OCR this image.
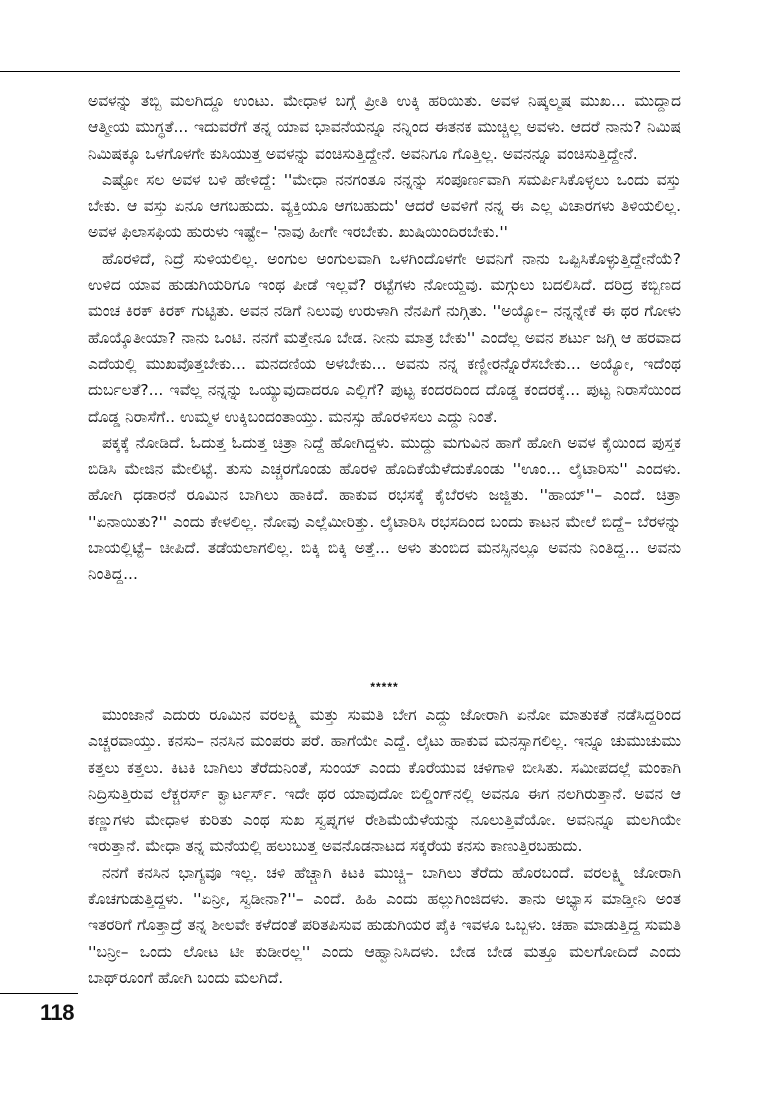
ಅವಳನ್ನು ತಬ್ಬಿ ಮಲಗಿದ್ದೂ ಉಂಟು. ಮೇಧಾಳ ಬಗ್ಗೆ ಪ್ರೀತಿ ಉಕ್ಕಿ ಹರಿಯಿತು. ಅವಳ ನಿಷ್ಕಲ್ಮಷ ಮುಖ... ಮುದ್ದಾದ ಆತ್ಮೀಯ ಮುಗ್ಧತೆ... ಇದುವರೆಗೆ ತನ್ನ ಯಾವ ಭಾವನೆಯನ್ನೂ ನನ್ನಿಂದ ಈತನಕ ಮುಚ್ಚಿಲ್ಲ ಅವಳು. ಆದರೆ ನಾನು? ನಿಮಿಷ ನಿಮಿಷಕ್ಕೂ ಒಳಗೊಳಗೇ ಕುಸಿಯುತ್ತ ಅವಳನ್ನು ವಂಚಿಸುತ್ತಿದ್ದೇನೆ. ಅವನಿಗೂ ಗೊತ್ತಿಲ್ಲ. ಅವನನ್ನೂ ವಂಚಿಸುತ್ತಿದ್ದೇನೆ.

ಎಷ್ಟೋ ಸಲ ಅವಳ ಬಳಿ ಹೇಳಿದ್ದೆ: ''ಮೇಧಾ ನನಗಂತೂ ನನ್ನನ್ನು ಸಂಪೂರ್ಣವಾಗಿ ಸಮರ್ಪಿಸಿಕೊಳ್ಳಲು ಒಂದು ವಸ್ತು ಬೇಕು. ಆ ವಸ್ತು ಏನೂ ಆಗಬಹುದು. ವ್ಯಕ್ತಿಯೂ ಆಗಬಹುದು' ಆದರೆ ಅವಳಿಗೆ ನನ್ನ ಈ ಎಲ್ಲ ವಿಚಾರಗಳು ತಿಳಿಯಲಿಲ್ಲ. ಅವಳ ಫಿಲಾಸಫಿಯ ಹುರುಳು ಇಷ್ಟೇ– 'ನಾವು ಹೀಗೇ ಇರಬೇಕು. ಖುಷಿಯಿಂದಿರಬೇಕು.''

ಹೊರಳಿದೆ, ನಿದ್ರೆ ಸುಳಿಯಲಿಲ್ಲ. ಅಂಗುಲ ಅಂಗುಲವಾಗಿ ಒಳಗಿಂದೊಳಗೇ ಅವನಿಗೆ ನಾನು ಒಪ್ಪಿಸಿಕೊಳ್ಳುತ್ತಿದ್ದೇನೆಯೆ? ಉಳಿದ ಯಾವ ಹುಡುಗಿಯರಿಗೂ ಇಂಥ ಪೀಡೆ ಇಲ್ಲವೆ? ರಟ್ಟೆಗಳು ನೋಯ್ದವು. ಮಗ್ಗುಲು ಬದಲಿಸಿದೆ. ದರಿದ್ರ ಕಬ್ಬಿಣದ ಮಂಚ ಕಿರಕ್ ಕಿರಕ್ ಗುಟ್ಟಿತು. ಅವನ ನಡಿಗೆ ನಿಲುವು ಉರುಳಾಗಿ ನೆನಪಿಗೆ ನುಗ್ಗಿತು. ''ಅಯ್ಯೋ– ನನ್ನನ್ನೇಕೆ ಈ ಥರ ಗೋಳು ಹೊಯ್ಕೊತೀಯಾ? ನಾನು ಒಂಟಿ. ನನಗೆ ಮತ್ತೇನೂ ಬೇಡ. ನೀನು ಮಾತ್ರ ಬೇಕು'' ಎಂದೆಲ್ಲ ಅವನ ಶರ್ಟು ಜಗ್ಗಿ ಆ ಹರವಾದ ಎದೆಯಲ್ಲಿ ಮುಖವೊತ್ತಬೇಕು... ಮನದಣಿಯ ಅಳಬೇಕು... ಅವನು ನನ್ನ ಕಣ್ಣೀರನ್ನೊರೆಸಬೇಕು... ಅಯ್ಯೋ, ಇದೆಂಥ ದುರ್ಬಲತೆ?... ಇವೆಲ್ಲ ನನ್ನನ್ನು ಒಯ್ಯುವುದಾದರೂ ಎಲ್ಲಿಗೆ? ಪುಟ್ಟ ಕಂದರದಿಂದ ದೊಡ್ಡ ಕಂದರಕ್ಕೆ... ಪುಟ್ಟ ನಿರಾಸೆಯಿಂದ ದೊಡ್ಡ ನಿರಾಸೆಗೆ.. ಉಮ್ಮಳ ಉಕ್ಕಿಬಂದಂತಾಯ್ತು. ಮನಸ್ಸು ಹೊರಳಿಸಲು ಎದ್ದು ನಿಂತೆ.

ಪಕ್ಕಕ್ಕೆ ನೋಡಿದೆ. ಓದುತ್ತ ಓದುತ್ತ ಚಿತ್ರಾ ನಿದ್ದೆ ಹೋಗಿದ್ದಳು. ಮುದ್ದು ಮಗುವಿನ ಹಾಗೆ ಹೋಗಿ ಅವಳ ಕೈಯಿಂದ ಪುಸ್ತಕ ಬಿಡಿಸಿ ಮೇಜಿನ ಮೇಲಿಟ್ಟೆ. ತುಸು ಎಚ್ಚರಗೊಂಡು ಹೊರಳಿ ಹೊದಿಕೆಯೆಳೆದುಕೊಂಡು ''ಊಂ... ಲೈಟಾರಿಸು'' ಎಂದಳು. ಹೋಗಿ ಧಡಾರನೆ ರೂಮಿನ ಬಾಗಿಲು ಹಾಕಿದೆ. ಹಾಕುವ ರಭಸಕ್ಕೆ ಕೈಬೆರಳು ಜಜ್ಜಿತು. ''ಹಾಯ್''– ಎಂದೆ. ಚಿತ್ರಾ ''ಏನಾಯಿತು?'' ಎಂದು ಕೇಳಲಿಲ್ಲ. ನೋವು ಎಲ್ಲೆಮೀರಿತ್ತು. ಲೈಟಾರಿಸಿ ರಭಸದಿಂದ ಬಂದು ಕಾಟನ ಮೇಲೆ ಬಿದ್ದೆ– ಬೆರಳನ್ನು ಬಾಯಲ್ಲಿಟ್ಟೆ– ಚೀಪಿದೆ. ತಡೆಯಲಾಗಲಿಲ್ಲ. ಬಿಕ್ಕಿ ಬಿಕ್ಕಿ ಅತ್ತೆ... ಅಳು ತುಂಬಿದ ಮನಸ್ಸಿನಲ್ಲೂ ಅವನು ನಿಂತಿದ್ದ... ಅವನು ನಿಂತಿದ್ದ...

*****

ಮುಂಜಾನೆ ಎದುರು ರೂಮಿನ ವರಲಕ್ಷ್ಮಿ ಮತ್ತು ಸುಮತಿ ಬೇಗ ಎದ್ದು ಜೋರಾಗಿ ಏನೋ ಮಾತುಕತೆ ನಡೆಸಿದ್ದರಿಂದ ಎಚ್ಚರವಾಯ್ತು. ಕನಸು– ನನಸಿನ ಮಂಪರು ಪರೆ. ಹಾಗೆಯೇ ಎದ್ದೆ. ಲೈಟು ಹಾಕುವ ಮನಸ್ಸಾಗಲಿಲ್ಲ. ಇನ್ನೂ ಚುಮುಚುಮು ಕತ್ತಲು ಕತ್ತಲು. ಕಿಟಕಿ ಬಾಗಿಲು ತೆರೆದುನಿಂತೆ, ಸುಂಯ್ ಎಂದು ಕೊರೆಯುವ ಚಳಿಗಾಳಿ ಬೀಸಿತು. ಸಮೀಪದಲ್ಲೆ ಮಂಕಾಗಿ ನಿದ್ರಿಸುತ್ತಿರುವ ಲೆಕ್ಚರರ್ಸ್ ಕ್ವಾರ್ಟರ್ಸ್. ಇದೇ ಥರ ಯಾವುದೋ ಬಿಲ್ಡಿಂಗ್‌ನಲ್ಲಿ ಅವನೂ ಈಗ ನಲಗಿರುತ್ತಾನೆ. ಅವನ ಆ ಕಣ್ಣುಗಳು ಮೇಧಾಳ ಕುರಿತು ಎಂಥ ಸುಖ ಸ್ವಪ್ನಗಳ ರೇಶಿಮೆಯೆಳೆಯನ್ನು ನೂಲುತ್ತಿವೆಯೋ. ಅವನಿನ್ನೂ ಮಲಗಿಯೇ ಇರುತ್ತಾನೆ. ಮೇಧಾ ತನ್ನ ಮನೆಯಲ್ಲಿ ಹಲುಬುತ್ತ ಅವನೊಡನಾಟದ ಸಕ್ಕರೆಯ ಕನಸು ಕಾಣುತ್ತಿರಬಹುದು.

ನನಗೆ ಕನಸಿನ ಭಾಗ್ಯವೂ ಇಲ್ಲ. ಚಳಿ ಹೆಚ್ಚಾಗಿ ಕಿಟಕಿ ಮುಚ್ಚಿ– ಬಾಗಿಲು ತೆರೆದು ಹೊರಬಂದೆ. ವರಲಕ್ಷ್ಮಿ ಜೋರಾಗಿ ಕೊಚಗುಡುತ್ತಿದ್ದಳು. ''ಏನ್ರೀ, ಸ್ವಡೀನಾ?''– ಎಂದೆ. ಹಿಹಿ ಎಂದು ಹಲ್ಲುಗಿಂಜಿದಳು. ತಾನು ಅಭ್ಯಾಸ ಮಾಡ್ತೀನಿ ಅಂತ ಇತರರಿಗೆ ಗೊತ್ತಾದ್ರೆ ತನ್ನ ಶೀಲವೇ ಕಳೆದಂತೆ ಪರಿತಪಿಸುವ ಹುಡುಗಿಯರ ಪೈಕಿ ಇವಳೂ ಒಬ್ಬಳು. ಚಹಾ ಮಾಡುತ್ತಿದ್ದ ಸುಮತಿ ''ಬನ್ರೀ– ಒಂದು ಲೋಟ ಟೀ ಕುಡೀರಲ್ಲ'' ಎಂದು ಆಹ್ವಾನಿಸಿದಳು. ಬೇಡ ಬೇಡ ಮತ್ತೂ ಮಲಗೋದಿದೆ ಎಂದು ಬಾಥ್‌ರೂಂಗೆ ಹೋಗಿ ಬಂದು ಮಲಗಿದೆ.

118
